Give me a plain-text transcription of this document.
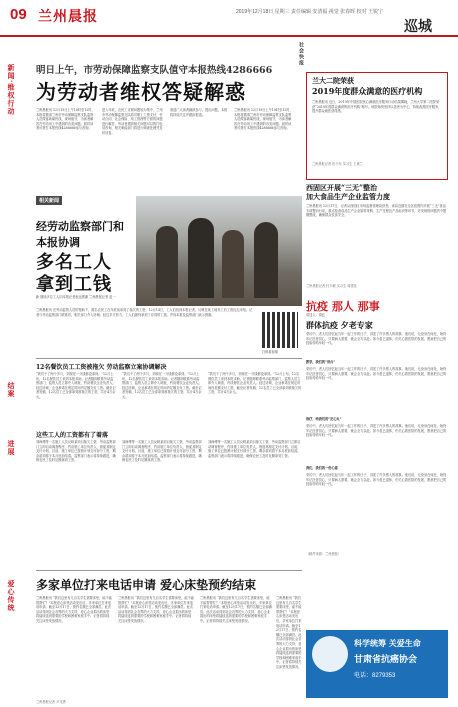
09 兰州晨报	2019年12月18日 星期三 责任编辑 安清福 视觉 张春晖 校对 王锐宁
巡城
新闻·维权行动 明日上午，市劳动保障监察支队值守本报热线4286666
为劳动者维权答疑解惑
兰州晨报讯 12月19日上午10时至12时，本报将邀请兰州市劳动保障监察支队监察人员做客新闻热线，现场值守，为读者解答在劳动用工中遇到的各类问题。届时读者可拨打本报热线4286666参与咨询。
进入年底，农民工讨薪问题较为集中，兰州市劳动保障监察支队将对职工工资支付、劳动合同、社会保险、用工管理等方面的问题进行解答，劳动者遇到相关问题可以拨打电话咨询，相关职能部门将进行调查处理并及时回复。
欢迎广大读者踊跃参与，提出问题，本报将持续关注并跟踪报道。
兰州晨报讯 12月19日上午10时至12时，本报将邀请兰州市劳动保障监察支队监察人员做客新闻热线，现场值守，为读者解答在劳动用工中遇到的各类问题。届时读者可拨打本报热线4286666参与咨询。
社会快报
兰大二院荣获
2019年度群众满意的医疗机构
兰州晨报讯 近日，2019年中国医院民心满意医疗服务行动结果揭晓，兰州大学第二医院荣获“2019年度群众满意的医疗机构”称号。该院始终坚持以患者为中心，持续改善医疗服务，提升群众就医获得感。
兰州晨报记者 田小东 实习生 王惠兰
西固区开展“三无”整治
加大食品生产企业监管力度
兰州晨报讯 12月17日，记者从西固区市场监督管理局获悉，该局近期在全区范围内开展“三无”食品专项整治行动，重点检查食品生产企业原料采购、生产过程及产品标识等环节，对发现的问题责令限期整改，确保群众饮食安全。
兰州晨报记者 杜丰敏 实习生 周建花
相关新闻
经劳动监察部门和本报协调
多名工人
拿到工钱
新 继续多位工人向本报记者表达感谢 兰州晨报记者 赵一
兰州晨报讯 在劳动监察人员的帮助下，数名农民工在年底前拿到了拖欠的工资。12月14日，工人们找到本报记者，反映在某工地务工后工资迟迟未结。记者与劳动监察部门联系后，相关部门介入协调。经过多方努力，工人们最终拿到了应得的工钱，并向本报及监察部门表示感谢。
扫码看视频
结案
12名餐饮员工工资被拖欠 劳动监察立案协调解决
“我们干了两个多月，到现在一分钱都没拿到。”12月上旬，12名餐饮员工来到本报求助。记者随即联系劳动监察部门，监察人员立即介入调查，约谈餐饮企业负责人。经过协调，企业承诺在规定时间内足额支付工资。截至记者发稿，12名员工已全部拿到被拖欠的工资，共计4万余元。
“我们干了两个多月，到现在一分钱都没拿到。”12月上旬，12名餐饮员工来到本报求助。记者随即联系劳动监察部门，监察人员立即介入调查，约谈餐饮企业负责人。经过协调，企业承诺在规定时间内足额支付工资。截至记者发稿，12名员工已全部拿到被拖欠的工资，共计4万余元。
“我们干了两个多月，到现在一分钱都没拿到。”12月上旬，12名餐饮员工来到本报求助。记者随即联系劳动监察部门，监察人员立即介入调查，约谈餐饮企业负责人。经过协调，企业承诺在规定时间内足额支付工资。截至记者发稿，12名员工已全部拿到被拖欠的工资，共计4万余元。
进展
这些工人的工资都有了着落
刘师傅等一名施工人员反映某项目拖欠工资，劳动监察部门立即启动调查程序，约谈施工单位负责人，督促其制定支付计划。目前，施工单位已按照计划支付部分工资，剩余款项将于本月底前结清。监察部门表示将持续跟进，确保农民工及时足额拿到工资。
刘师傅等一名施工人员反映某项目拖欠工资，劳动监察部门立即启动调查程序，约谈施工单位负责人，督促其制定支付计划。目前，施工单位已按照计划支付部分工资，剩余款项将于本月底前结清。监察部门表示将持续跟进，确保农民工及时足额拿到工资。
刘师傅等一名施工人员反映某项目拖欠工资，劳动监察部门立即启动调查程序，约谈施工单位负责人，督促其制定支付计划。目前，施工单位已按照计划支付部分工资，剩余款项将于本月底前结清。监察部门表示将持续跟进，确保农民工及时足额拿到工资。
抗疫 那人 那事
讲述人：周红
群体抗疫 夕老专家
采访中，老人们回忆起当年一起工作的日子，讲述了许多感人的故事。他们说，无论身在何处，始终牢记医者初心，只要病人需要，就会全力以赴。如今虽已退休，仍关心着医院的发展，愿意把自己的经验传给年轻一代。
教学，我们的“讲台”
采访中，老人们回忆起当年一起工作的日子，讲述了许多感人的故事。他们说，无论身在何处，始终牢记医者初心，只要病人需要，就会全力以赴。如今虽已退休，仍关心着医院的发展，愿意把自己的经验传给年轻一代。
治疗，给我们的“定心丸”
采访中，老人们回忆起当年一起工作的日子，讲述了许多感人的故事。他们说，无论身在何处，始终牢记医者初心，只要病人需要，就会全力以赴。如今虽已退休，仍关心着医院的发展，愿意把自己的经验传给年轻一代。
我们，我们的一份心意
采访中，老人们回忆起当年一起工作的日子，讲述了许多感人的故事。他们说，无论身在何处，始终牢记医者初心，只要病人需要，就会全力以赴。如今虽已退休，仍关心着医院的发展，愿意把自己的经验传给年轻一代。
（稿件来源：兰州晨报）
爱心传统 多家单位打来电话申请 爱心床垫预约结束
兰州晨报讯 “我们这里有几百名学生需要床垫，能不能帮帮忙？”本报爱心床垫活动发出后，多家单位打来电话申请。截至12月17日，预约名额已全部满员。此次活动得到社会各界的大力支持，爱心企业捐出的床垫将陆续送到需要的学校和困难家庭手中。记者将持续关注床垫发放情况。
兰州晨报讯 “我们这里有几百名学生需要床垫，能不能帮帮忙？”本报爱心床垫活动发出后，多家单位打来电话申请。截至12月17日，预约名额已全部满员。此次活动得到社会各界的大力支持，爱心企业捐出的床垫将陆续送到需要的学校和困难家庭手中。记者将持续关注床垫发放情况。
兰州晨报讯 “我们这里有几百名学生需要床垫，能不能帮帮忙？”本报爱心床垫活动发出后，多家单位打来电话申请。截至12月17日，预约名额已全部满员。此次活动得到社会各界的大力支持，爱心企业捐出的床垫将陆续送到需要的学校和困难家庭手中。记者将持续关注床垫发放情况。
兰州晨报讯 “我们这里有几百名学生需要床垫，能不能帮帮忙？”本报爱心床垫活动发出后，多家单位打来电话申请。截至12月17日，预约名额已全部满员。此次活动得到社会各界的大力支持，爱心企业捐出的床垫将陆续送到需要的学校和困难家庭手中。记者将持续关注床垫发放情况。
兰州晨报记者 尹龙勇
科学统筹 关爱生命
甘肃省抗癌协会
电话：8279353
